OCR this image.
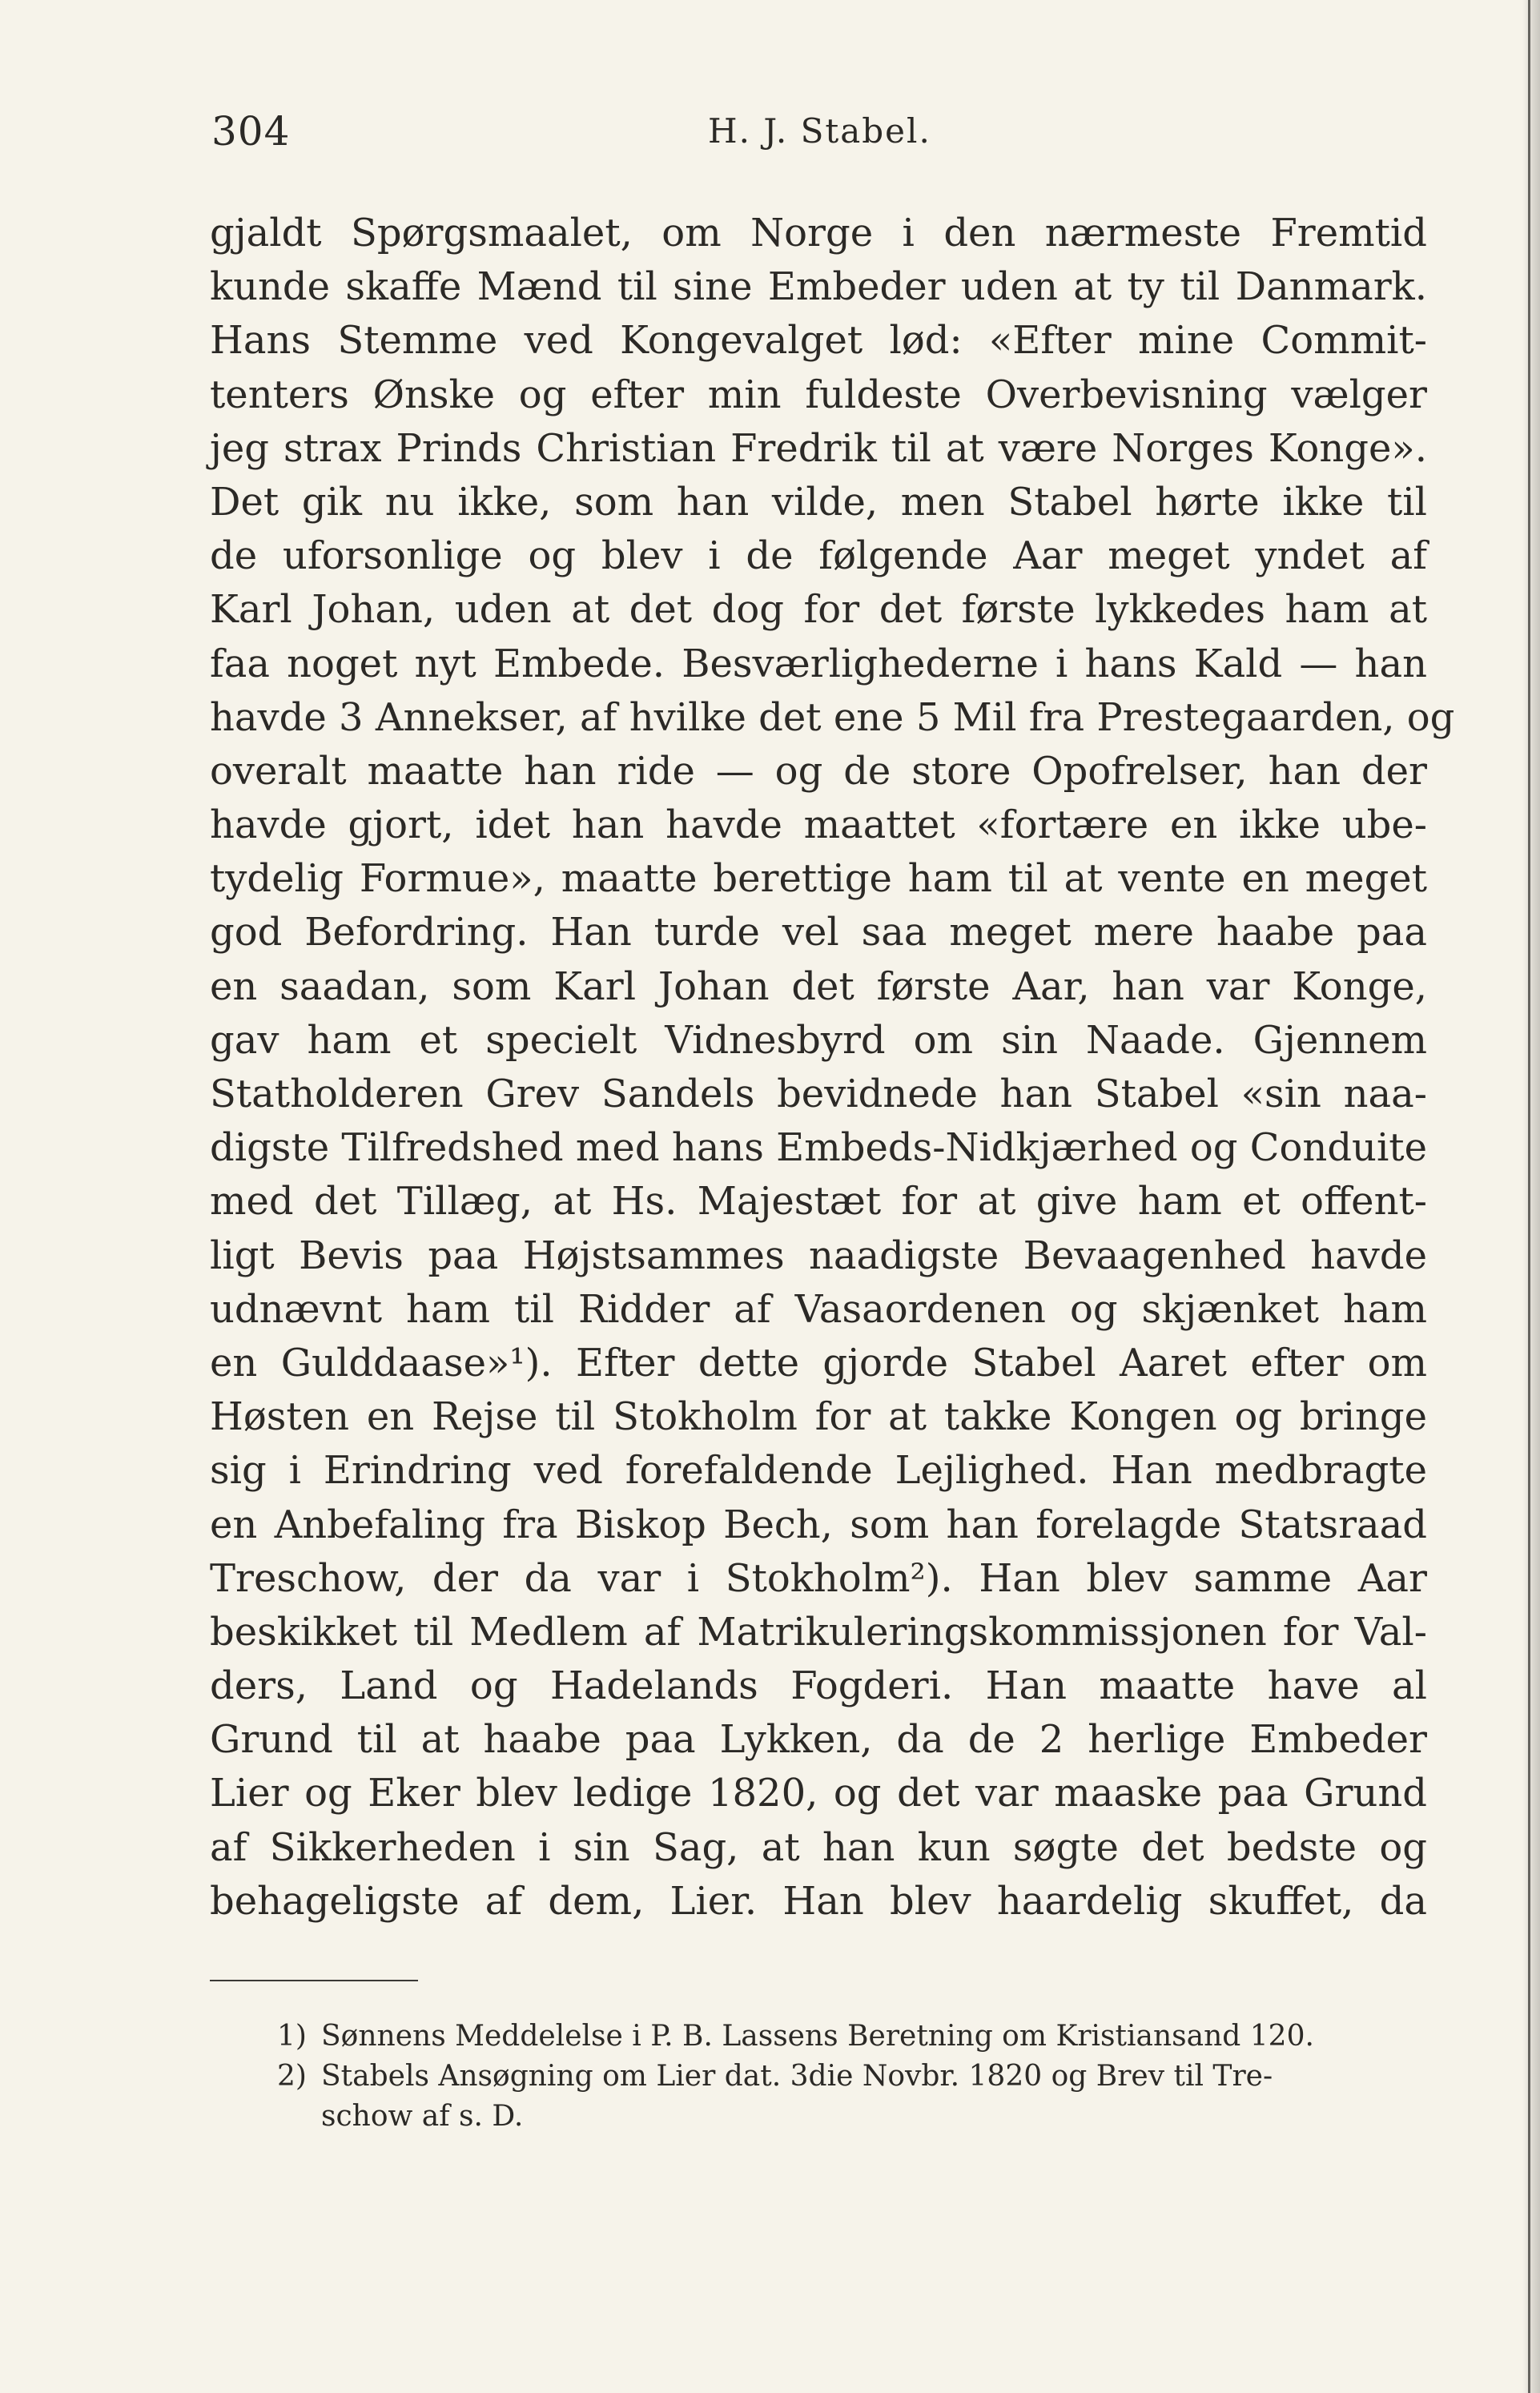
304	H. J. Stabel.
gjaldt Spørgsmaalet, om Norge i den nærmeste Fremtid
kunde skaffe Mænd til sine Embeder uden at ty til Danmark.
Hans Stemme ved Kongevalget lød: «Efter mine Commit-
tenters Ønske og efter min fuldeste Overbevisning vælger
jeg strax Prinds Christian Fredrik til at være Norges Konge».
Det gik nu ikke, som han vilde, men Stabel hørte ikke til
de uforsonlige og blev i de følgende Aar meget yndet af
Karl Johan, uden at det dog for det første lykkedes ham at
faa noget nyt Embede. Besværlighederne i hans Kald — han
havde 3 Annekser, af hvilke det ene 5 Mil fra Prestegaarden, og
overalt maatte han ride — og de store Opofrelser, han der
havde gjort, idet han havde maattet «fortære en ikke ube-
tydelig Formue», maatte berettige ham til at vente en meget
god Befordring. Han turde vel saa meget mere haabe paa
en saadan, som Karl Johan det første Aar, han var Konge,
gav ham et specielt Vidnesbyrd om sin Naade. Gjennem
Statholderen Grev Sandels bevidnede han Stabel «sin naa-
digste Tilfredshed med hans Embeds-Nidkjærhed og Conduite
med det Tillæg, at Hs. Majestæt for at give ham et offent-
ligt Bevis paa Højstsammes naadigste Bevaagenhed havde
udnævnt ham til Ridder af Vasaordenen og skjænket ham
en Gulddaase»¹). Efter dette gjorde Stabel Aaret efter om
Høsten en Rejse til Stokholm for at takke Kongen og bringe
sig i Erindring ved forefaldende Lejlighed. Han medbragte
en Anbefaling fra Biskop Bech, som han forelagde Statsraad
Treschow, der da var i Stokholm²). Han blev samme Aar
beskikket til Medlem af Matrikuleringskommissjonen for Val-
ders, Land og Hadelands Fogderi. Han maatte have al
Grund til at haabe paa Lykken, da de 2 herlige Embeder
Lier og Eker blev ledige 1820, og det var maaske paa Grund
af Sikkerheden i sin Sag, at han kun søgte det bedste og
behageligste af dem, Lier. Han blev haardelig skuffet, da
1) Sønnens Meddelelse i P. B. Lassens Beretning om Kristiansand 120.
2) Stabels Ansøgning om Lier dat. 3die Novbr. 1820 og Brev til Tre-
schow af s. D.
